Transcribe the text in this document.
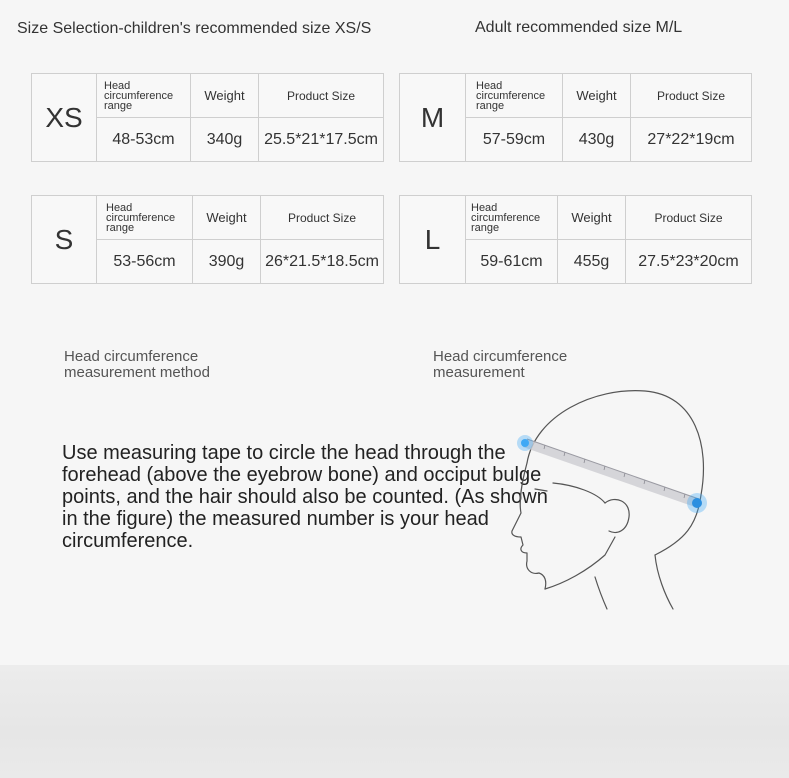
Size Selection-children's recommended size XS/S	Adult recommended size M/L
XS	Head circumference range	Weight	Product Size
	48-53cm	340g	25.5*21*17.5cm
M	Head circumference range	Weight	Product Size
	57-59cm	430g	27*22*19cm
S	Head circumference range	Weight	Product Size
	53-56cm	390g	26*21.5*18.5cm
L	Head circumference range	Weight	Product Size
	59-61cm	455g	27.5*23*20cm
Head circumference measurement method
Head circumference measurement
Use measuring tape to circle the head through the forehead (above the eyebrow bone) and occiput bulge points, and the hair should also be counted. (As shown in the figure) the measured number is your head circumference.
